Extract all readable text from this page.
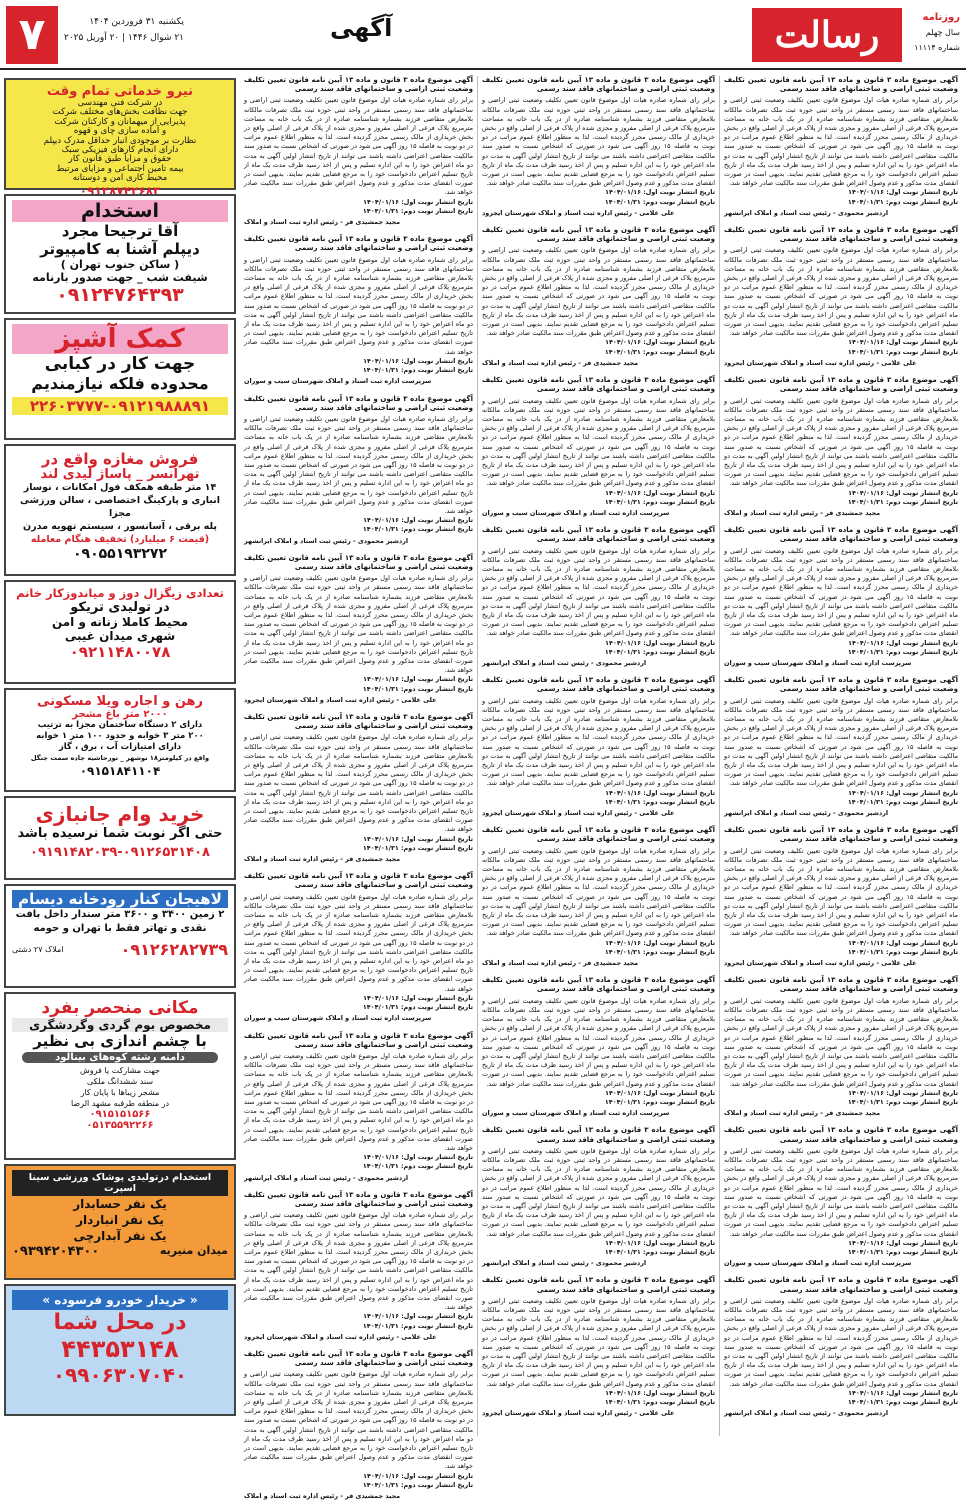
۷	یکشنبه ۳۱ فروردین ۱۴۰۴
۲۱ شوال ۱۴۴۶ | ۲۰ آوریل ۲۰۲۵	آگهی	رسالت	روزنامه
سال چهلم
شماره ۱۱۱۱۴
نیرو خدماتی تمام وقت
در شرکت فنی مهندسی
جهت نظافت بخش‌های مختلف شرکت
پذیرایی از میهمانان و کارکنان شرکت
و آماده سازی چای و قهوه
نظارت بر موجودی انبار حداقل مدرک دیپلم
دارای انجام کارهای فیزیکی سبک
حقوق و مزایا طبق قانون کار
بیمه تامین اجتماعی و مزایای مرتبط
محیط کاری امن و دوستانه
۰۹۱۲۸۷۴۲۶۸۳
استخدام
آقا ترجیحا مجرد
دیپلم آشنا به کامپیوتر
( ساکن جنوب تهران )
شیفت شب _ جهت صدور بارنامه
۰۹۱۲۴۷۶۴۳۹۳
کمک آشپز
جهت کار در کبابی
محدوده فلکه نیازمندیم
۲۲۶۰۳۷۷۷-۰۹۱۲۱۹۸۸۸۹۱
فروش مغازه واقع در
تهرانسر _ پاساژ لیدی لند
۱۴ متر طبقه همکف فول امکانات ، نوساز
انباری و پارکینگ اختصاصی ، سالن ورزشی مجزا
پله برقی ، آسانسور ، سیستم تهویه مدرن
(قیمت ۶ میلیارد) تخفیف هنگام معامله
۰۹۰۵۵۱۹۳۲۷۲
تعدادی زیگزال دوز و میاندوزکار خانم
در تولیدی تریکو
محیط کاملا زنانه و امن
شهری میدان غیبی
۰۹۲۱۱۴۸۰۰۷۸
رهن و اجاره ویلا مسکونی
۲۰۰۰ متر باغ مشجر
دارای ۲ دستگاه ساختمان مجزا به ترتیب
۲۰۰ متر ۳ خوابه و حدود ۱۰۰ متر ۱ خوابه
دارای امتیازات آب ، برق ، گاز
واقع در کیلومتر۱۸ نوشهر _ نورحاشیه جاده سمت جنگل
۰۹۱۵۱۸۴۱۱۰۴
خرید وام جانبازی
حتی اگر نوبت شما نرسیده باشد
۰۹۱۹۱۴۸۲۰۳۹-۰۹۱۲۶۵۳۱۴۰۸
لاهیجان کنار رودخانه دیسام
۲ زمین ۳۴۰۰ و ۳۶۰۰ متر سندار داخل بافت
نقدی و تهاتر فقط با تهران و حومه
۰۹۱۲۶۲۸۲۷۳۹
املاک ۲۷ دشتی
مکانی منحصر بفرد
مخصوص بوم گردی وگردشگری
با چشم اندازی بی نظیر
دامنه رشته کوه‌های بینالود
جهت مشارکت یا فروش
سند ششدانگ ملکی
مشجر زیبا‌ها با پایان کار
در منطقه طرقبه مشهد الرضا
۰۹۱۵۱۵۱۵۶۶
۰۵۱۳۵۵۹۲۲۶۶
استخدام درتولیدی پوشاک ورزشی سینا اسپرت
یک نفر حسابدار
یک نفر انباردار
یک نفر آبدارچی
میدان منیریه
۰۹۳۹۴۲۰۴۳۰۰
« خریدار خودرو فرسوده »
در محل شما
۴۴۳۵۳۱۴۸
۰۹۹۰۶۳۰۷۰۴۰
آگهی موضوع ماده ۳ قانون و ماده ۱۳ آیین نامه قانون تعیین تکلیف وضعیت ثبتی اراضی و ساختمانهای فاقد سند رسمی
برابر رای شماره صادره هیات اول موضوع قانون تعیین تکلیف وضعیت ثبتی اراضی و ساختمانهای فاقد سند رسمی مستقر در واحد ثبتی حوزه ثبت ملک تصرفات مالکانه بلامعارض متقاضی فرزند بشماره شناسنامه صادره از در یک باب خانه به مساحت مترمربع پلاک فرعی از اصلی مفروز و مجزی شده از پلاک فرعی از اصلی واقع در بخش خریداری از مالک رسمی محرز گردیده است. لذا به منظور اطلاع عموم مراتب در دو نوبت به فاصله ۱۵ روز آگهی می شود در صورتی که اشخاص نسبت به صدور سند مالکیت متقاضی اعتراضی داشته باشند می توانند از تاریخ انتشار اولین آگهی به مدت دو ماه اعتراض خود را به این اداره تسلیم و پس از اخذ رسید ظرف مدت یک ماه از تاریخ تسلیم اعتراض دادخواست خود را به مرجع قضایی تقدیم نمایند. بدیهی است در صورت انقضای مدت مذکور و عدم وصول اعتراض طبق مقررات سند مالکیت صادر خواهد شد.
تاریخ انتشار نوبت اول: ۱۴۰۴/۰۱/۱۶
تاریخ انتشار نوبت دوم: ۱۴۰۴/۰۱/۳۱
اردشیر محمودی - رئیس ثبت اسناد و املاک ایرانشهر
آگهی موضوع ماده ۳ قانون و ماده ۱۳ آیین نامه قانون تعیین تکلیف وضعیت ثبتی اراضی و ساختمانهای فاقد سند رسمی
برابر رای شماره صادره هیات اول موضوع قانون تعیین تکلیف وضعیت ثبتی اراضی و ساختمانهای فاقد سند رسمی مستقر در واحد ثبتی حوزه ثبت ملک تصرفات مالکانه بلامعارض متقاضی فرزند بشماره شناسنامه صادره از در یک باب خانه به مساحت مترمربع پلاک فرعی از اصلی مفروز و مجزی شده از پلاک فرعی از اصلی واقع در بخش خریداری از مالک رسمی محرز گردیده است. لذا به منظور اطلاع عموم مراتب در دو نوبت به فاصله ۱۵ روز آگهی می شود در صورتی که اشخاص نسبت به صدور سند مالکیت متقاضی اعتراضی داشته باشند می توانند از تاریخ انتشار اولین آگهی به مدت دو ماه اعتراض خود را به این اداره تسلیم و پس از اخذ رسید ظرف مدت یک ماه از تاریخ تسلیم اعتراض دادخواست خود را به مرجع قضایی تقدیم نمایند. بدیهی است در صورت انقضای مدت مذکور و عدم وصول اعتراض طبق مقررات سند مالکیت صادر خواهد شد.
تاریخ انتشار نوبت اول: ۱۴۰۴/۰۱/۱۶
تاریخ انتشار نوبت دوم: ۱۴۰۴/۰۱/۳۱
علی غلامی - رئیس اداره ثبت اسناد و املاک شهرستان ایجرود
آگهی موضوع ماده ۳ قانون و ماده ۱۳ آیین نامه قانون تعیین تکلیف وضعیت ثبتی اراضی و ساختمانهای فاقد سند رسمی
برابر رای شماره صادره هیات اول موضوع قانون تعیین تکلیف وضعیت ثبتی اراضی و ساختمانهای فاقد سند رسمی مستقر در واحد ثبتی حوزه ثبت ملک تصرفات مالکانه بلامعارض متقاضی فرزند بشماره شناسنامه صادره از در یک باب خانه به مساحت مترمربع پلاک فرعی از اصلی مفروز و مجزی شده از پلاک فرعی از اصلی واقع در بخش خریداری از مالک رسمی محرز گردیده است. لذا به منظور اطلاع عموم مراتب در دو نوبت به فاصله ۱۵ روز آگهی می شود در صورتی که اشخاص نسبت به صدور سند مالکیت متقاضی اعتراضی داشته باشند می توانند از تاریخ انتشار اولین آگهی به مدت دو ماه اعتراض خود را به این اداره تسلیم و پس از اخذ رسید ظرف مدت یک ماه از تاریخ تسلیم اعتراض دادخواست خود را به مرجع قضایی تقدیم نمایند. بدیهی است در صورت انقضای مدت مذکور و عدم وصول اعتراض طبق مقررات سند مالکیت صادر خواهد شد.
تاریخ انتشار نوبت اول: ۱۴۰۴/۰۱/۱۶
تاریخ انتشار نوبت دوم: ۱۴۰۴/۰۱/۳۱
مجید جمشیدی فر - رئیس اداره ثبت اسناد و املاک
آگهی موضوع ماده ۳ قانون و ماده ۱۳ آیین نامه قانون تعیین تکلیف وضعیت ثبتی اراضی و ساختمانهای فاقد سند رسمی
برابر رای شماره صادره هیات اول موضوع قانون تعیین تکلیف وضعیت ثبتی اراضی و ساختمانهای فاقد سند رسمی مستقر در واحد ثبتی حوزه ثبت ملک تصرفات مالکانه بلامعارض متقاضی فرزند بشماره شناسنامه صادره از در یک باب خانه به مساحت مترمربع پلاک فرعی از اصلی مفروز و مجزی شده از پلاک فرعی از اصلی واقع در بخش خریداری از مالک رسمی محرز گردیده است. لذا به منظور اطلاع عموم مراتب در دو نوبت به فاصله ۱۵ روز آگهی می شود در صورتی که اشخاص نسبت به صدور سند مالکیت متقاضی اعتراضی داشته باشند می توانند از تاریخ انتشار اولین آگهی به مدت دو ماه اعتراض خود را به این اداره تسلیم و پس از اخذ رسید ظرف مدت یک ماه از تاریخ تسلیم اعتراض دادخواست خود را به مرجع قضایی تقدیم نمایند. بدیهی است در صورت انقضای مدت مذکور و عدم وصول اعتراض طبق مقررات سند مالکیت صادر خواهد شد.
تاریخ انتشار نوبت اول: ۱۴۰۴/۰۱/۱۶
تاریخ انتشار نوبت دوم: ۱۴۰۴/۰۱/۳۱
سرپرست اداره ثبت اسناد و املاک شهرستان سیب و سوران
آگهی موضوع ماده ۳ قانون و ماده ۱۳ آیین نامه قانون تعیین تکلیف وضعیت ثبتی اراضی و ساختمانهای فاقد سند رسمی
برابر رای شماره صادره هیات اول موضوع قانون تعیین تکلیف وضعیت ثبتی اراضی و ساختمانهای فاقد سند رسمی مستقر در واحد ثبتی حوزه ثبت ملک تصرفات مالکانه بلامعارض متقاضی فرزند بشماره شناسنامه صادره از در یک باب خانه به مساحت مترمربع پلاک فرعی از اصلی مفروز و مجزی شده از پلاک فرعی از اصلی واقع در بخش خریداری از مالک رسمی محرز گردیده است. لذا به منظور اطلاع عموم مراتب در دو نوبت به فاصله ۱۵ روز آگهی می شود در صورتی که اشخاص نسبت به صدور سند مالکیت متقاضی اعتراضی داشته باشند می توانند از تاریخ انتشار اولین آگهی به مدت دو ماه اعتراض خود را به این اداره تسلیم و پس از اخذ رسید ظرف مدت یک ماه از تاریخ تسلیم اعتراض دادخواست خود را به مرجع قضایی تقدیم نمایند. بدیهی است در صورت انقضای مدت مذکور و عدم وصول اعتراض طبق مقررات سند مالکیت صادر خواهد شد.
تاریخ انتشار نوبت اول: ۱۴۰۴/۰۱/۱۶
تاریخ انتشار نوبت دوم: ۱۴۰۴/۰۱/۳۱
اردشیر محمودی - رئیس ثبت اسناد و املاک ایرانشهر
آگهی موضوع ماده ۳ قانون و ماده ۱۳ آیین نامه قانون تعیین تکلیف وضعیت ثبتی اراضی و ساختمانهای فاقد سند رسمی
برابر رای شماره صادره هیات اول موضوع قانون تعیین تکلیف وضعیت ثبتی اراضی و ساختمانهای فاقد سند رسمی مستقر در واحد ثبتی حوزه ثبت ملک تصرفات مالکانه بلامعارض متقاضی فرزند بشماره شناسنامه صادره از در یک باب خانه به مساحت مترمربع پلاک فرعی از اصلی مفروز و مجزی شده از پلاک فرعی از اصلی واقع در بخش خریداری از مالک رسمی محرز گردیده است. لذا به منظور اطلاع عموم مراتب در دو نوبت به فاصله ۱۵ روز آگهی می شود در صورتی که اشخاص نسبت به صدور سند مالکیت متقاضی اعتراضی داشته باشند می توانند از تاریخ انتشار اولین آگهی به مدت دو ماه اعتراض خود را به این اداره تسلیم و پس از اخذ رسید ظرف مدت یک ماه از تاریخ تسلیم اعتراض دادخواست خود را به مرجع قضایی تقدیم نمایند. بدیهی است در صورت انقضای مدت مذکور و عدم وصول اعتراض طبق مقررات سند مالکیت صادر خواهد شد.
تاریخ انتشار نوبت اول: ۱۴۰۴/۰۱/۱۶
تاریخ انتشار نوبت دوم: ۱۴۰۴/۰۱/۳۱
علی غلامی - رئیس اداره ثبت اسناد و املاک شهرستان ایجرود
آگهی موضوع ماده ۳ قانون و ماده ۱۳ آیین نامه قانون تعیین تکلیف وضعیت ثبتی اراضی و ساختمانهای فاقد سند رسمی
برابر رای شماره صادره هیات اول موضوع قانون تعیین تکلیف وضعیت ثبتی اراضی و ساختمانهای فاقد سند رسمی مستقر در واحد ثبتی حوزه ثبت ملک تصرفات مالکانه بلامعارض متقاضی فرزند بشماره شناسنامه صادره از در یک باب خانه به مساحت مترمربع پلاک فرعی از اصلی مفروز و مجزی شده از پلاک فرعی از اصلی واقع در بخش خریداری از مالک رسمی محرز گردیده است. لذا به منظور اطلاع عموم مراتب در دو نوبت به فاصله ۱۵ روز آگهی می شود در صورتی که اشخاص نسبت به صدور سند مالکیت متقاضی اعتراضی داشته باشند می توانند از تاریخ انتشار اولین آگهی به مدت دو ماه اعتراض خود را به این اداره تسلیم و پس از اخذ رسید ظرف مدت یک ماه از تاریخ تسلیم اعتراض دادخواست خود را به مرجع قضایی تقدیم نمایند. بدیهی است در صورت انقضای مدت مذکور و عدم وصول اعتراض طبق مقررات سند مالکیت صادر خواهد شد.
تاریخ انتشار نوبت اول: ۱۴۰۴/۰۱/۱۶
تاریخ انتشار نوبت دوم: ۱۴۰۴/۰۱/۳۱
مجید جمشیدی فر - رئیس اداره ثبت اسناد و املاک
آگهی موضوع ماده ۳ قانون و ماده ۱۳ آیین نامه قانون تعیین تکلیف وضعیت ثبتی اراضی و ساختمانهای فاقد سند رسمی
برابر رای شماره صادره هیات اول موضوع قانون تعیین تکلیف وضعیت ثبتی اراضی و ساختمانهای فاقد سند رسمی مستقر در واحد ثبتی حوزه ثبت ملک تصرفات مالکانه بلامعارض متقاضی فرزند بشماره شناسنامه صادره از در یک باب خانه به مساحت مترمربع پلاک فرعی از اصلی مفروز و مجزی شده از پلاک فرعی از اصلی واقع در بخش خریداری از مالک رسمی محرز گردیده است. لذا به منظور اطلاع عموم مراتب در دو نوبت به فاصله ۱۵ روز آگهی می شود در صورتی که اشخاص نسبت به صدور سند مالکیت متقاضی اعتراضی داشته باشند می توانند از تاریخ انتشار اولین آگهی به مدت دو ماه اعتراض خود را به این اداره تسلیم و پس از اخذ رسید ظرف مدت یک ماه از تاریخ تسلیم اعتراض دادخواست خود را به مرجع قضایی تقدیم نمایند. بدیهی است در صورت انقضای مدت مذکور و عدم وصول اعتراض طبق مقررات سند مالکیت صادر خواهد شد.
تاریخ انتشار نوبت اول: ۱۴۰۴/۰۱/۱۶
تاریخ انتشار نوبت دوم: ۱۴۰۴/۰۱/۳۱
سرپرست اداره ثبت اسناد و املاک شهرستان سیب و سوران
آگهی موضوع ماده ۳ قانون و ماده ۱۳ آیین نامه قانون تعیین تکلیف وضعیت ثبتی اراضی و ساختمانهای فاقد سند رسمی
برابر رای شماره صادره هیات اول موضوع قانون تعیین تکلیف وضعیت ثبتی اراضی و ساختمانهای فاقد سند رسمی مستقر در واحد ثبتی حوزه ثبت ملک تصرفات مالکانه بلامعارض متقاضی فرزند بشماره شناسنامه صادره از در یک باب خانه به مساحت مترمربع پلاک فرعی از اصلی مفروز و مجزی شده از پلاک فرعی از اصلی واقع در بخش خریداری از مالک رسمی محرز گردیده است. لذا به منظور اطلاع عموم مراتب در دو نوبت به فاصله ۱۵ روز آگهی می شود در صورتی که اشخاص نسبت به صدور سند مالکیت متقاضی اعتراضی داشته باشند می توانند از تاریخ انتشار اولین آگهی به مدت دو ماه اعتراض خود را به این اداره تسلیم و پس از اخذ رسید ظرف مدت یک ماه از تاریخ تسلیم اعتراض دادخواست خود را به مرجع قضایی تقدیم نمایند. بدیهی است در صورت انقضای مدت مذکور و عدم وصول اعتراض طبق مقررات سند مالکیت صادر خواهد شد.
تاریخ انتشار نوبت اول: ۱۴۰۴/۰۱/۱۶
تاریخ انتشار نوبت دوم: ۱۴۰۴/۰۱/۳۱
اردشیر محمودی - رئیس ثبت اسناد و املاک ایرانشهر
آگهی موضوع ماده ۳ قانون و ماده ۱۳ آیین نامه قانون تعیین تکلیف وضعیت ثبتی اراضی و ساختمانهای فاقد سند رسمی
برابر رای شماره صادره هیات اول موضوع قانون تعیین تکلیف وضعیت ثبتی اراضی و ساختمانهای فاقد سند رسمی مستقر در واحد ثبتی حوزه ثبت ملک تصرفات مالکانه بلامعارض متقاضی فرزند بشماره شناسنامه صادره از در یک باب خانه به مساحت مترمربع پلاک فرعی از اصلی مفروز و مجزی شده از پلاک فرعی از اصلی واقع در بخش خریداری از مالک رسمی محرز گردیده است. لذا به منظور اطلاع عموم مراتب در دو نوبت به فاصله ۱۵ روز آگهی می شود در صورتی که اشخاص نسبت به صدور سند مالکیت متقاضی اعتراضی داشته باشند می توانند از تاریخ انتشار اولین آگهی به مدت دو ماه اعتراض خود را به این اداره تسلیم و پس از اخذ رسید ظرف مدت یک ماه از تاریخ تسلیم اعتراض دادخواست خود را به مرجع قضایی تقدیم نمایند. بدیهی است در صورت انقضای مدت مذکور و عدم وصول اعتراض طبق مقررات سند مالکیت صادر خواهد شد.
تاریخ انتشار نوبت اول: ۱۴۰۴/۰۱/۱۶
تاریخ انتشار نوبت دوم: ۱۴۰۴/۰۱/۳۱
علی غلامی - رئیس اداره ثبت اسناد و املاک شهرستان ایجرود
آگهی موضوع ماده ۳ قانون و ماده ۱۳ آیین نامه قانون تعیین تکلیف وضعیت ثبتی اراضی و ساختمانهای فاقد سند رسمی
برابر رای شماره صادره هیات اول موضوع قانون تعیین تکلیف وضعیت ثبتی اراضی و ساختمانهای فاقد سند رسمی مستقر در واحد ثبتی حوزه ثبت ملک تصرفات مالکانه بلامعارض متقاضی فرزند بشماره شناسنامه صادره از در یک باب خانه به مساحت مترمربع پلاک فرعی از اصلی مفروز و مجزی شده از پلاک فرعی از اصلی واقع در بخش خریداری از مالک رسمی محرز گردیده است. لذا به منظور اطلاع عموم مراتب در دو نوبت به فاصله ۱۵ روز آگهی می شود در صورتی که اشخاص نسبت به صدور سند مالکیت متقاضی اعتراضی داشته باشند می توانند از تاریخ انتشار اولین آگهی به مدت دو ماه اعتراض خود را به این اداره تسلیم و پس از اخذ رسید ظرف مدت یک ماه از تاریخ تسلیم اعتراض دادخواست خود را به مرجع قضایی تقدیم نمایند. بدیهی است در صورت انقضای مدت مذکور و عدم وصول اعتراض طبق مقررات سند مالکیت صادر خواهد شد.
تاریخ انتشار نوبت اول: ۱۴۰۴/۰۱/۱۶
تاریخ انتشار نوبت دوم: ۱۴۰۴/۰۱/۳۱
مجید جمشیدی فر - رئیس اداره ثبت اسناد و املاک
آگهی موضوع ماده ۳ قانون و ماده ۱۳ آیین نامه قانون تعیین تکلیف وضعیت ثبتی اراضی و ساختمانهای فاقد سند رسمی
برابر رای شماره صادره هیات اول موضوع قانون تعیین تکلیف وضعیت ثبتی اراضی و ساختمانهای فاقد سند رسمی مستقر در واحد ثبتی حوزه ثبت ملک تصرفات مالکانه بلامعارض متقاضی فرزند بشماره شناسنامه صادره از در یک باب خانه به مساحت مترمربع پلاک فرعی از اصلی مفروز و مجزی شده از پلاک فرعی از اصلی واقع در بخش خریداری از مالک رسمی محرز گردیده است. لذا به منظور اطلاع عموم مراتب در دو نوبت به فاصله ۱۵ روز آگهی می شود در صورتی که اشخاص نسبت به صدور سند مالکیت متقاضی اعتراضی داشته باشند می توانند از تاریخ انتشار اولین آگهی به مدت دو ماه اعتراض خود را به این اداره تسلیم و پس از اخذ رسید ظرف مدت یک ماه از تاریخ تسلیم اعتراض دادخواست خود را به مرجع قضایی تقدیم نمایند. بدیهی است در صورت انقضای مدت مذکور و عدم وصول اعتراض طبق مقررات سند مالکیت صادر خواهد شد.
تاریخ انتشار نوبت اول: ۱۴۰۴/۰۱/۱۶
تاریخ انتشار نوبت دوم: ۱۴۰۴/۰۱/۳۱
سرپرست اداره ثبت اسناد و املاک شهرستان سیب و سوران
آگهی موضوع ماده ۳ قانون و ماده ۱۳ آیین نامه قانون تعیین تکلیف وضعیت ثبتی اراضی و ساختمانهای فاقد سند رسمی
برابر رای شماره صادره هیات اول موضوع قانون تعیین تکلیف وضعیت ثبتی اراضی و ساختمانهای فاقد سند رسمی مستقر در واحد ثبتی حوزه ثبت ملک تصرفات مالکانه بلامعارض متقاضی فرزند بشماره شناسنامه صادره از در یک باب خانه به مساحت مترمربع پلاک فرعی از اصلی مفروز و مجزی شده از پلاک فرعی از اصلی واقع در بخش خریداری از مالک رسمی محرز گردیده است. لذا به منظور اطلاع عموم مراتب در دو نوبت به فاصله ۱۵ روز آگهی می شود در صورتی که اشخاص نسبت به صدور سند مالکیت متقاضی اعتراضی داشته باشند می توانند از تاریخ انتشار اولین آگهی به مدت دو ماه اعتراض خود را به این اداره تسلیم و پس از اخذ رسید ظرف مدت یک ماه از تاریخ تسلیم اعتراض دادخواست خود را به مرجع قضایی تقدیم نمایند. بدیهی است در صورت انقضای مدت مذکور و عدم وصول اعتراض طبق مقررات سند مالکیت صادر خواهد شد.
تاریخ انتشار نوبت اول: ۱۴۰۴/۰۱/۱۶
تاریخ انتشار نوبت دوم: ۱۴۰۴/۰۱/۳۱
اردشیر محمودی - رئیس ثبت اسناد و املاک ایرانشهر
آگهی موضوع ماده ۳ قانون و ماده ۱۳ آیین نامه قانون تعیین تکلیف وضعیت ثبتی اراضی و ساختمانهای فاقد سند رسمی
برابر رای شماره صادره هیات اول موضوع قانون تعیین تکلیف وضعیت ثبتی اراضی و ساختمانهای فاقد سند رسمی مستقر در واحد ثبتی حوزه ثبت ملک تصرفات مالکانه بلامعارض متقاضی فرزند بشماره شناسنامه صادره از در یک باب خانه به مساحت مترمربع پلاک فرعی از اصلی مفروز و مجزی شده از پلاک فرعی از اصلی واقع در بخش خریداری از مالک رسمی محرز گردیده است. لذا به منظور اطلاع عموم مراتب در دو نوبت به فاصله ۱۵ روز آگهی می شود در صورتی که اشخاص نسبت به صدور سند مالکیت متقاضی اعتراضی داشته باشند می توانند از تاریخ انتشار اولین آگهی به مدت دو ماه اعتراض خود را به این اداره تسلیم و پس از اخذ رسید ظرف مدت یک ماه از تاریخ تسلیم اعتراض دادخواست خود را به مرجع قضایی تقدیم نمایند. بدیهی است در صورت انقضای مدت مذکور و عدم وصول اعتراض طبق مقررات سند مالکیت صادر خواهد شد.
تاریخ انتشار نوبت اول: ۱۴۰۴/۰۱/۱۶
تاریخ انتشار نوبت دوم: ۱۴۰۴/۰۱/۳۱
علی غلامی - رئیس اداره ثبت اسناد و املاک شهرستان ایجرود
آگهی موضوع ماده ۳ قانون و ماده ۱۳ آیین نامه قانون تعیین تکلیف وضعیت ثبتی اراضی و ساختمانهای فاقد سند رسمی
برابر رای شماره صادره هیات اول موضوع قانون تعیین تکلیف وضعیت ثبتی اراضی و ساختمانهای فاقد سند رسمی مستقر در واحد ثبتی حوزه ثبت ملک تصرفات مالکانه بلامعارض متقاضی فرزند بشماره شناسنامه صادره از در یک باب خانه به مساحت مترمربع پلاک فرعی از اصلی مفروز و مجزی شده از پلاک فرعی از اصلی واقع در بخش خریداری از مالک رسمی محرز گردیده است. لذا به منظور اطلاع عموم مراتب در دو نوبت به فاصله ۱۵ روز آگهی می شود در صورتی که اشخاص نسبت به صدور سند مالکیت متقاضی اعتراضی داشته باشند می توانند از تاریخ انتشار اولین آگهی به مدت دو ماه اعتراض خود را به این اداره تسلیم و پس از اخذ رسید ظرف مدت یک ماه از تاریخ تسلیم اعتراض دادخواست خود را به مرجع قضایی تقدیم نمایند. بدیهی است در صورت انقضای مدت مذکور و عدم وصول اعتراض طبق مقررات سند مالکیت صادر خواهد شد.
تاریخ انتشار نوبت اول: ۱۴۰۴/۰۱/۱۶
تاریخ انتشار نوبت دوم: ۱۴۰۴/۰۱/۳۱
مجید جمشیدی فر - رئیس اداره ثبت اسناد و املاک
آگهی موضوع ماده ۳ قانون و ماده ۱۳ آیین نامه قانون تعیین تکلیف وضعیت ثبتی اراضی و ساختمانهای فاقد سند رسمی
برابر رای شماره صادره هیات اول موضوع قانون تعیین تکلیف وضعیت ثبتی اراضی و ساختمانهای فاقد سند رسمی مستقر در واحد ثبتی حوزه ثبت ملک تصرفات مالکانه بلامعارض متقاضی فرزند بشماره شناسنامه صادره از در یک باب خانه به مساحت مترمربع پلاک فرعی از اصلی مفروز و مجزی شده از پلاک فرعی از اصلی واقع در بخش خریداری از مالک رسمی محرز گردیده است. لذا به منظور اطلاع عموم مراتب در دو نوبت به فاصله ۱۵ روز آگهی می شود در صورتی که اشخاص نسبت به صدور سند مالکیت متقاضی اعتراضی داشته باشند می توانند از تاریخ انتشار اولین آگهی به مدت دو ماه اعتراض خود را به این اداره تسلیم و پس از اخذ رسید ظرف مدت یک ماه از تاریخ تسلیم اعتراض دادخواست خود را به مرجع قضایی تقدیم نمایند. بدیهی است در صورت انقضای مدت مذکور و عدم وصول اعتراض طبق مقررات سند مالکیت صادر خواهد شد.
تاریخ انتشار نوبت اول: ۱۴۰۴/۰۱/۱۶
تاریخ انتشار نوبت دوم: ۱۴۰۴/۰۱/۳۱
سرپرست اداره ثبت اسناد و املاک شهرستان سیب و سوران
آگهی موضوع ماده ۳ قانون و ماده ۱۳ آیین نامه قانون تعیین تکلیف وضعیت ثبتی اراضی و ساختمانهای فاقد سند رسمی
برابر رای شماره صادره هیات اول موضوع قانون تعیین تکلیف وضعیت ثبتی اراضی و ساختمانهای فاقد سند رسمی مستقر در واحد ثبتی حوزه ثبت ملک تصرفات مالکانه بلامعارض متقاضی فرزند بشماره شناسنامه صادره از در یک باب خانه به مساحت مترمربع پلاک فرعی از اصلی مفروز و مجزی شده از پلاک فرعی از اصلی واقع در بخش خریداری از مالک رسمی محرز گردیده است. لذا به منظور اطلاع عموم مراتب در دو نوبت به فاصله ۱۵ روز آگهی می شود در صورتی که اشخاص نسبت به صدور سند مالکیت متقاضی اعتراضی داشته باشند می توانند از تاریخ انتشار اولین آگهی به مدت دو ماه اعتراض خود را به این اداره تسلیم و پس از اخذ رسید ظرف مدت یک ماه از تاریخ تسلیم اعتراض دادخواست خود را به مرجع قضایی تقدیم نمایند. بدیهی است در صورت انقضای مدت مذکور و عدم وصول اعتراض طبق مقررات سند مالکیت صادر خواهد شد.
تاریخ انتشار نوبت اول: ۱۴۰۴/۰۱/۱۶
تاریخ انتشار نوبت دوم: ۱۴۰۴/۰۱/۳۱
اردشیر محمودی - رئیس ثبت اسناد و املاک ایرانشهر
آگهی موضوع ماده ۳ قانون و ماده ۱۳ آیین نامه قانون تعیین تکلیف وضعیت ثبتی اراضی و ساختمانهای فاقد سند رسمی
برابر رای شماره صادره هیات اول موضوع قانون تعیین تکلیف وضعیت ثبتی اراضی و ساختمانهای فاقد سند رسمی مستقر در واحد ثبتی حوزه ثبت ملک تصرفات مالکانه بلامعارض متقاضی فرزند بشماره شناسنامه صادره از در یک باب خانه به مساحت مترمربع پلاک فرعی از اصلی مفروز و مجزی شده از پلاک فرعی از اصلی واقع در بخش خریداری از مالک رسمی محرز گردیده است. لذا به منظور اطلاع عموم مراتب در دو نوبت به فاصله ۱۵ روز آگهی می شود در صورتی که اشخاص نسبت به صدور سند مالکیت متقاضی اعتراضی داشته باشند می توانند از تاریخ انتشار اولین آگهی به مدت دو ماه اعتراض خود را به این اداره تسلیم و پس از اخذ رسید ظرف مدت یک ماه از تاریخ تسلیم اعتراض دادخواست خود را به مرجع قضایی تقدیم نمایند. بدیهی است در صورت انقضای مدت مذکور و عدم وصول اعتراض طبق مقررات سند مالکیت صادر خواهد شد.
تاریخ انتشار نوبت اول: ۱۴۰۴/۰۱/۱۶
تاریخ انتشار نوبت دوم: ۱۴۰۴/۰۱/۳۱
علی غلامی - رئیس اداره ثبت اسناد و املاک شهرستان ایجرود
آگهی موضوع ماده ۳ قانون و ماده ۱۳ آیین نامه قانون تعیین تکلیف وضعیت ثبتی اراضی و ساختمانهای فاقد سند رسمی
برابر رای شماره صادره هیات اول موضوع قانون تعیین تکلیف وضعیت ثبتی اراضی و ساختمانهای فاقد سند رسمی مستقر در واحد ثبتی حوزه ثبت ملک تصرفات مالکانه بلامعارض متقاضی فرزند بشماره شناسنامه صادره از در یک باب خانه به مساحت مترمربع پلاک فرعی از اصلی مفروز و مجزی شده از پلاک فرعی از اصلی واقع در بخش خریداری از مالک رسمی محرز گردیده است. لذا به منظور اطلاع عموم مراتب در دو نوبت به فاصله ۱۵ روز آگهی می شود در صورتی که اشخاص نسبت به صدور سند مالکیت متقاضی اعتراضی داشته باشند می توانند از تاریخ انتشار اولین آگهی به مدت دو ماه اعتراض خود را به این اداره تسلیم و پس از اخذ رسید ظرف مدت یک ماه از تاریخ تسلیم اعتراض دادخواست خود را به مرجع قضایی تقدیم نمایند. بدیهی است در صورت انقضای مدت مذکور و عدم وصول اعتراض طبق مقررات سند مالکیت صادر خواهد شد.
تاریخ انتشار نوبت اول: ۱۴۰۴/۰۱/۱۶
تاریخ انتشار نوبت دوم: ۱۴۰۴/۰۱/۳۱
مجید جمشیدی فر - رئیس اداره ثبت اسناد و املاک
آگهی موضوع ماده ۳ قانون و ماده ۱۳ آیین نامه قانون تعیین تکلیف وضعیت ثبتی اراضی و ساختمانهای فاقد سند رسمی
برابر رای شماره صادره هیات اول موضوع قانون تعیین تکلیف وضعیت ثبتی اراضی و ساختمانهای فاقد سند رسمی مستقر در واحد ثبتی حوزه ثبت ملک تصرفات مالکانه بلامعارض متقاضی فرزند بشماره شناسنامه صادره از در یک باب خانه به مساحت مترمربع پلاک فرعی از اصلی مفروز و مجزی شده از پلاک فرعی از اصلی واقع در بخش خریداری از مالک رسمی محرز گردیده است. لذا به منظور اطلاع عموم مراتب در دو نوبت به فاصله ۱۵ روز آگهی می شود در صورتی که اشخاص نسبت به صدور سند مالکیت متقاضی اعتراضی داشته باشند می توانند از تاریخ انتشار اولین آگهی به مدت دو ماه اعتراض خود را به این اداره تسلیم و پس از اخذ رسید ظرف مدت یک ماه از تاریخ تسلیم اعتراض دادخواست خود را به مرجع قضایی تقدیم نمایند. بدیهی است در صورت انقضای مدت مذکور و عدم وصول اعتراض طبق مقررات سند مالکیت صادر خواهد شد.
تاریخ انتشار نوبت اول: ۱۴۰۴/۰۱/۱۶
تاریخ انتشار نوبت دوم: ۱۴۰۴/۰۱/۳۱
سرپرست اداره ثبت اسناد و املاک شهرستان سیب و سوران
آگهی موضوع ماده ۳ قانون و ماده ۱۳ آیین نامه قانون تعیین تکلیف وضعیت ثبتی اراضی و ساختمانهای فاقد سند رسمی
برابر رای شماره صادره هیات اول موضوع قانون تعیین تکلیف وضعیت ثبتی اراضی و ساختمانهای فاقد سند رسمی مستقر در واحد ثبتی حوزه ثبت ملک تصرفات مالکانه بلامعارض متقاضی فرزند بشماره شناسنامه صادره از در یک باب خانه به مساحت مترمربع پلاک فرعی از اصلی مفروز و مجزی شده از پلاک فرعی از اصلی واقع در بخش خریداری از مالک رسمی محرز گردیده است. لذا به منظور اطلاع عموم مراتب در دو نوبت به فاصله ۱۵ روز آگهی می شود در صورتی که اشخاص نسبت به صدور سند مالکیت متقاضی اعتراضی داشته باشند می توانند از تاریخ انتشار اولین آگهی به مدت دو ماه اعتراض خود را به این اداره تسلیم و پس از اخذ رسید ظرف مدت یک ماه از تاریخ تسلیم اعتراض دادخواست خود را به مرجع قضایی تقدیم نمایند. بدیهی است در صورت انقضای مدت مذکور و عدم وصول اعتراض طبق مقررات سند مالکیت صادر خواهد شد.
تاریخ انتشار نوبت اول: ۱۴۰۴/۰۱/۱۶
تاریخ انتشار نوبت دوم: ۱۴۰۴/۰۱/۳۱
اردشیر محمودی - رئیس ثبت اسناد و املاک ایرانشهر
آگهی موضوع ماده ۳ قانون و ماده ۱۳ آیین نامه قانون تعیین تکلیف وضعیت ثبتی اراضی و ساختمانهای فاقد سند رسمی
برابر رای شماره صادره هیات اول موضوع قانون تعیین تکلیف وضعیت ثبتی اراضی و ساختمانهای فاقد سند رسمی مستقر در واحد ثبتی حوزه ثبت ملک تصرفات مالکانه بلامعارض متقاضی فرزند بشماره شناسنامه صادره از در یک باب خانه به مساحت مترمربع پلاک فرعی از اصلی مفروز و مجزی شده از پلاک فرعی از اصلی واقع در بخش خریداری از مالک رسمی محرز گردیده است. لذا به منظور اطلاع عموم مراتب در دو نوبت به فاصله ۱۵ روز آگهی می شود در صورتی که اشخاص نسبت به صدور سند مالکیت متقاضی اعتراضی داشته باشند می توانند از تاریخ انتشار اولین آگهی به مدت دو ماه اعتراض خود را به این اداره تسلیم و پس از اخذ رسید ظرف مدت یک ماه از تاریخ تسلیم اعتراض دادخواست خود را به مرجع قضایی تقدیم نمایند. بدیهی است در صورت انقضای مدت مذکور و عدم وصول اعتراض طبق مقررات سند مالکیت صادر خواهد شد.
تاریخ انتشار نوبت اول: ۱۴۰۴/۰۱/۱۶
تاریخ انتشار نوبت دوم: ۱۴۰۴/۰۱/۳۱
علی غلامی - رئیس اداره ثبت اسناد و املاک شهرستان ایجرود
آگهی موضوع ماده ۳ قانون و ماده ۱۳ آیین نامه قانون تعیین تکلیف وضعیت ثبتی اراضی و ساختمانهای فاقد سند رسمی
برابر رای شماره صادره هیات اول موضوع قانون تعیین تکلیف وضعیت ثبتی اراضی و ساختمانهای فاقد سند رسمی مستقر در واحد ثبتی حوزه ثبت ملک تصرفات مالکانه بلامعارض متقاضی فرزند بشماره شناسنامه صادره از در یک باب خانه به مساحت مترمربع پلاک فرعی از اصلی مفروز و مجزی شده از پلاک فرعی از اصلی واقع در بخش خریداری از مالک رسمی محرز گردیده است. لذا به منظور اطلاع عموم مراتب در دو نوبت به فاصله ۱۵ روز آگهی می شود در صورتی که اشخاص نسبت به صدور سند مالکیت متقاضی اعتراضی داشته باشند می توانند از تاریخ انتشار اولین آگهی به مدت دو ماه اعتراض خود را به این اداره تسلیم و پس از اخذ رسید ظرف مدت یک ماه از تاریخ تسلیم اعتراض دادخواست خود را به مرجع قضایی تقدیم نمایند. بدیهی است در صورت انقضای مدت مذکور و عدم وصول اعتراض طبق مقررات سند مالکیت صادر خواهد شد.
تاریخ انتشار نوبت اول: ۱۴۰۴/۰۱/۱۶
تاریخ انتشار نوبت دوم: ۱۴۰۴/۰۱/۳۱
مجید جمشیدی فر - رئیس اداره ثبت اسناد و املاک
آگهی موضوع ماده ۳ قانون و ماده ۱۳ آیین نامه قانون تعیین تکلیف وضعیت ثبتی اراضی و ساختمانهای فاقد سند رسمی
برابر رای شماره صادره هیات اول موضوع قانون تعیین تکلیف وضعیت ثبتی اراضی و ساختمانهای فاقد سند رسمی مستقر در واحد ثبتی حوزه ثبت ملک تصرفات مالکانه بلامعارض متقاضی فرزند بشماره شناسنامه صادره از در یک باب خانه به مساحت مترمربع پلاک فرعی از اصلی مفروز و مجزی شده از پلاک فرعی از اصلی واقع در بخش خریداری از مالک رسمی محرز گردیده است. لذا به منظور اطلاع عموم مراتب در دو نوبت به فاصله ۱۵ روز آگهی می شود در صورتی که اشخاص نسبت به صدور سند مالکیت متقاضی اعتراضی داشته باشند می توانند از تاریخ انتشار اولین آگهی به مدت دو ماه اعتراض خود را به این اداره تسلیم و پس از اخذ رسید ظرف مدت یک ماه از تاریخ تسلیم اعتراض دادخواست خود را به مرجع قضایی تقدیم نمایند. بدیهی است در صورت انقضای مدت مذکور و عدم وصول اعتراض طبق مقررات سند مالکیت صادر خواهد شد.
تاریخ انتشار نوبت اول: ۱۴۰۴/۰۱/۱۶
تاریخ انتشار نوبت دوم: ۱۴۰۴/۰۱/۳۱
سرپرست اداره ثبت اسناد و املاک شهرستان سیب و سوران
آگهی موضوع ماده ۳ قانون و ماده ۱۳ آیین نامه قانون تعیین تکلیف وضعیت ثبتی اراضی و ساختمانهای فاقد سند رسمی
برابر رای شماره صادره هیات اول موضوع قانون تعیین تکلیف وضعیت ثبتی اراضی و ساختمانهای فاقد سند رسمی مستقر در واحد ثبتی حوزه ثبت ملک تصرفات مالکانه بلامعارض متقاضی فرزند بشماره شناسنامه صادره از در یک باب خانه به مساحت مترمربع پلاک فرعی از اصلی مفروز و مجزی شده از پلاک فرعی از اصلی واقع در بخش خریداری از مالک رسمی محرز گردیده است. لذا به منظور اطلاع عموم مراتب در دو نوبت به فاصله ۱۵ روز آگهی می شود در صورتی که اشخاص نسبت به صدور سند مالکیت متقاضی اعتراضی داشته باشند می توانند از تاریخ انتشار اولین آگهی به مدت دو ماه اعتراض خود را به این اداره تسلیم و پس از اخذ رسید ظرف مدت یک ماه از تاریخ تسلیم اعتراض دادخواست خود را به مرجع قضایی تقدیم نمایند. بدیهی است در صورت انقضای مدت مذکور و عدم وصول اعتراض طبق مقررات سند مالکیت صادر خواهد شد.
تاریخ انتشار نوبت اول: ۱۴۰۴/۰۱/۱۶
تاریخ انتشار نوبت دوم: ۱۴۰۴/۰۱/۳۱
اردشیر محمودی - رئیس ثبت اسناد و املاک ایرانشهر
آگهی موضوع ماده ۳ قانون و ماده ۱۳ آیین نامه قانون تعیین تکلیف وضعیت ثبتی اراضی و ساختمانهای فاقد سند رسمی
برابر رای شماره صادره هیات اول موضوع قانون تعیین تکلیف وضعیت ثبتی اراضی و ساختمانهای فاقد سند رسمی مستقر در واحد ثبتی حوزه ثبت ملک تصرفات مالکانه بلامعارض متقاضی فرزند بشماره شناسنامه صادره از در یک باب خانه به مساحت مترمربع پلاک فرعی از اصلی مفروز و مجزی شده از پلاک فرعی از اصلی واقع در بخش خریداری از مالک رسمی محرز گردیده است. لذا به منظور اطلاع عموم مراتب در دو نوبت به فاصله ۱۵ روز آگهی می شود در صورتی که اشخاص نسبت به صدور سند مالکیت متقاضی اعتراضی داشته باشند می توانند از تاریخ انتشار اولین آگهی به مدت دو ماه اعتراض خود را به این اداره تسلیم و پس از اخذ رسید ظرف مدت یک ماه از تاریخ تسلیم اعتراض دادخواست خود را به مرجع قضایی تقدیم نمایند. بدیهی است در صورت انقضای مدت مذکور و عدم وصول اعتراض طبق مقررات سند مالکیت صادر خواهد شد.
تاریخ انتشار نوبت اول: ۱۴۰۴/۰۱/۱۶
تاریخ انتشار نوبت دوم: ۱۴۰۴/۰۱/۳۱
علی غلامی - رئیس اداره ثبت اسناد و املاک شهرستان ایجرود
آگهی موضوع ماده ۳ قانون و ماده ۱۳ آیین نامه قانون تعیین تکلیف وضعیت ثبتی اراضی و ساختمانهای فاقد سند رسمی
برابر رای شماره صادره هیات اول موضوع قانون تعیین تکلیف وضعیت ثبتی اراضی و ساختمانهای فاقد سند رسمی مستقر در واحد ثبتی حوزه ثبت ملک تصرفات مالکانه بلامعارض متقاضی فرزند بشماره شناسنامه صادره از در یک باب خانه به مساحت مترمربع پلاک فرعی از اصلی مفروز و مجزی شده از پلاک فرعی از اصلی واقع در بخش خریداری از مالک رسمی محرز گردیده است. لذا به منظور اطلاع عموم مراتب در دو نوبت به فاصله ۱۵ روز آگهی می شود در صورتی که اشخاص نسبت به صدور سند مالکیت متقاضی اعتراضی داشته باشند می توانند از تاریخ انتشار اولین آگهی به مدت دو ماه اعتراض خود را به این اداره تسلیم و پس از اخذ رسید ظرف مدت یک ماه از تاریخ تسلیم اعتراض دادخواست خود را به مرجع قضایی تقدیم نمایند. بدیهی است در صورت انقضای مدت مذکور و عدم وصول اعتراض طبق مقررات سند مالکیت صادر خواهد شد.
تاریخ انتشار نوبت اول: ۱۴۰۴/۰۱/۱۶
تاریخ انتشار نوبت دوم: ۱۴۰۴/۰۱/۳۱
مجید جمشیدی فر - رئیس اداره ثبت اسناد و املاک
